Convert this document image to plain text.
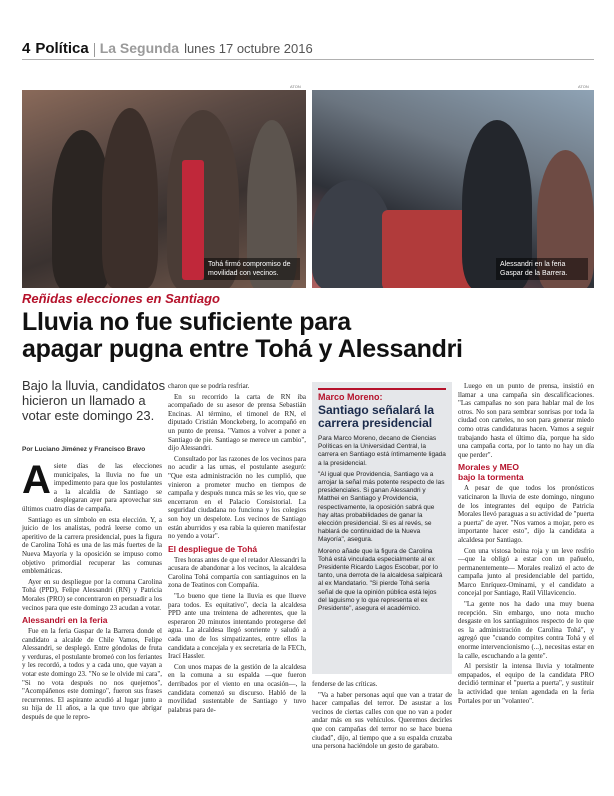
4 Política La Segunda lunes 17 octubre 2016
ATON	ATON
Tohá firmó compromiso de movilidad con vecinos.
Alessandri en la feria Gaspar de la Barrera.
Reñidas elecciones en Santiago
Lluvia no fue suficiente para
apagar pugna entre Tohá y Alessandri
Bajo la lluvia, candidatos hicieron un llamado a votar este domingo 23.
Por Luciano Jiménez y Francisco Bravo

Asiete días de las elecciones municipales, la lluvia no fue un impedimento para que los postulantes a la alcaldía de Santiago se desplegaran ayer para aprovechar sus últimos cuatro días de campaña.

Santiago es un símbolo en esta elección. Y, a juicio de los analistas, podrá leerse como un aperitivo de la carrera presidencial, pues la figura de Carolina Tohá es una de las más fuertes de la Nueva Mayoría y la oposición se impuso como objetivo primordial recuperar las comunas emblemáticas.

Ayer en su despliegue por la comuna Carolina Tohá (PPD), Felipe Alessandri (RN) y Patricia Morales (PRO) se concentraron en persuadir a los vecinos para que este domingo 23 acudan a votar.

Alessandri en la feria

Fue en la feria Gaspar de la Barrera donde el candidato a alcalde de Chile Vamos, Felipe Alessandri, se desplegó. Entre góndolas de fruta y verduras, el postulante bromeó con los feriantes y les recordó, a todos y a cada uno, que vayan a votar este domingo 23. "No se le olvide mi cara", "Si no vota después no nos quejemos", "Acompáñenos este domingo", fueron sus frases recurrentes. El aspirante acudió al lugar junto a su hija de 11 años, a la que tuvo que abrigar después de que le repro-

charon que se podría resfriar.

En su recorrido la carta de RN iba acompañado de su asesor de prensa Sebastián Encinas. Al término, el timonel de RN, el diputado Cristián Monckeberg, lo acompañó en un punto de prensa. "Vamos a volver a poner a Santiago de pie. Santiago se merece un cambio", dijo Alessandri.

Consultado por las razones de los vecinos para no acudir a las urnas, el postulante aseguró: "Que esta administración no les cumplió, que vinieron a prometer mucho en tiempos de campaña y después nunca más se les vio, que se encerraron en el Palacio Consistorial. La seguridad ciudadana no funciona y los colegios son hoy un despelote. Los vecinos de Santiago están aburridos y esa rabia la quieren manifestar no yendo a votar".

El despliegue de Tohá

Tres horas antes de que el retador Alessandri la acusara de abandonar a los vecinos, la alcaldesa Carolina Tohá compartía con santiaguinos en la zona de Teatinos con Compañía.

"Lo bueno que tiene la lluvia es que llueve para todos. Es equitativo", decía la alcaldesa PPD ante una treintena de adherentes, que la esperaron 20 minutos intentando protegerse del agua. La alcaldesa llegó sonriente y saludó a cada uno de los simpatizantes, entre ellos la candidata a concejala y ex secretaria de la FECh, Irací Hassler.

Con unos mapas de la gestión de la alcaldesa en la comuna a su espalda —que fueron derribados por el viento en una ocasión—, la candidata comenzó su discurso. Habló de la movilidad sustentable de Santiago y tuvo palabras para de-

Marco Moreno:
Santiago señalará la carrera presidencial

Para Marco Moreno, decano de Ciencias Políticas en la Universidad Central, la carrera en Santiago está íntimamente ligada a la presidencial.

"Al igual que Providencia, Santiago va a arrojar la señal más potente respecto de las presidenciales. Si ganan Alessandri y Matthei en Santiago y Providencia, respectivamente, la oposición sabrá que hay altas probabilidades de ganar la elección presidencial. Si es al revés, se hablará de continuidad de la Nueva Mayoría", asegura.

Moreno añade que la figura de Carolina Tohá está vinculada especialmente al ex Presidente Ricardo Lagos Escobar, por lo tanto, una derrota de la alcaldesa salpicará al ex Mandatario. "Si pierde Tohá sería señal de que la opinión pública está lejos del laguismo y lo que representa el ex Presidente", asegura el académico.

fenderse de las críticas.

"Va a haber personas aquí que van a tratar de hacer campañas del terror. De asustar a los vecinos de ciertas calles con que no van a poder andar más en sus vehículos. Queremos decirles que con campañas del terror no se hace buena ciudad", dijo, al tiempo que a su espalda cruzaba una persona haciéndole un gesto de garabato.

Luego en un punto de prensa, insistió en llamar a una campaña sin descalificaciones. "Las campañas no son para hablar mal de los otros. No son para sembrar sonrisas por toda la ciudad con carteles, no son para generar miedo como otras candidaturas hacen. Vamos a seguir trabajando hasta el último día, porque ha sido una campaña corta, por lo tanto no hay un día que perder".

Morales y MEO
bajo la tormenta

A pesar de que todos los pronósticos vaticinaron la lluvia de este domingo, ninguno de los integrantes del equipo de Patricia Morales llevó paraguas a su actividad de "puerta a puerta" de ayer. "Nos vamos a mojar, pero es importante hacer esto", dijo la candidata a alcaldesa por Santiago.

Con una vistosa boina roja y un leve resfrío —que la obligó a estar con un pañuelo, permanentemente— Morales realizó el acto de campaña junto al presidenciable del partido, Marco Enríquez-Ominami, y el candidato a concejal por Santiago, Raúl Villavicencio.

"La gente nos ha dado una muy buena recepción. Sin embargo, uno nota mucho desgaste en los santiaguinos respecto de lo que es la administración de Carolina Tohá", y agregó que "cuando compites contra Tohá y el enorme intervencionismo (...), necesitas estar en la calle, escuchando a la gente".

Al persistir la intensa lluvia y totalmente empapados, el equipo de la candidata PRO decidió terminar el "puerta a puerta", y sustituir la actividad que tenían agendada en la feria Portales por un "volanteo".
